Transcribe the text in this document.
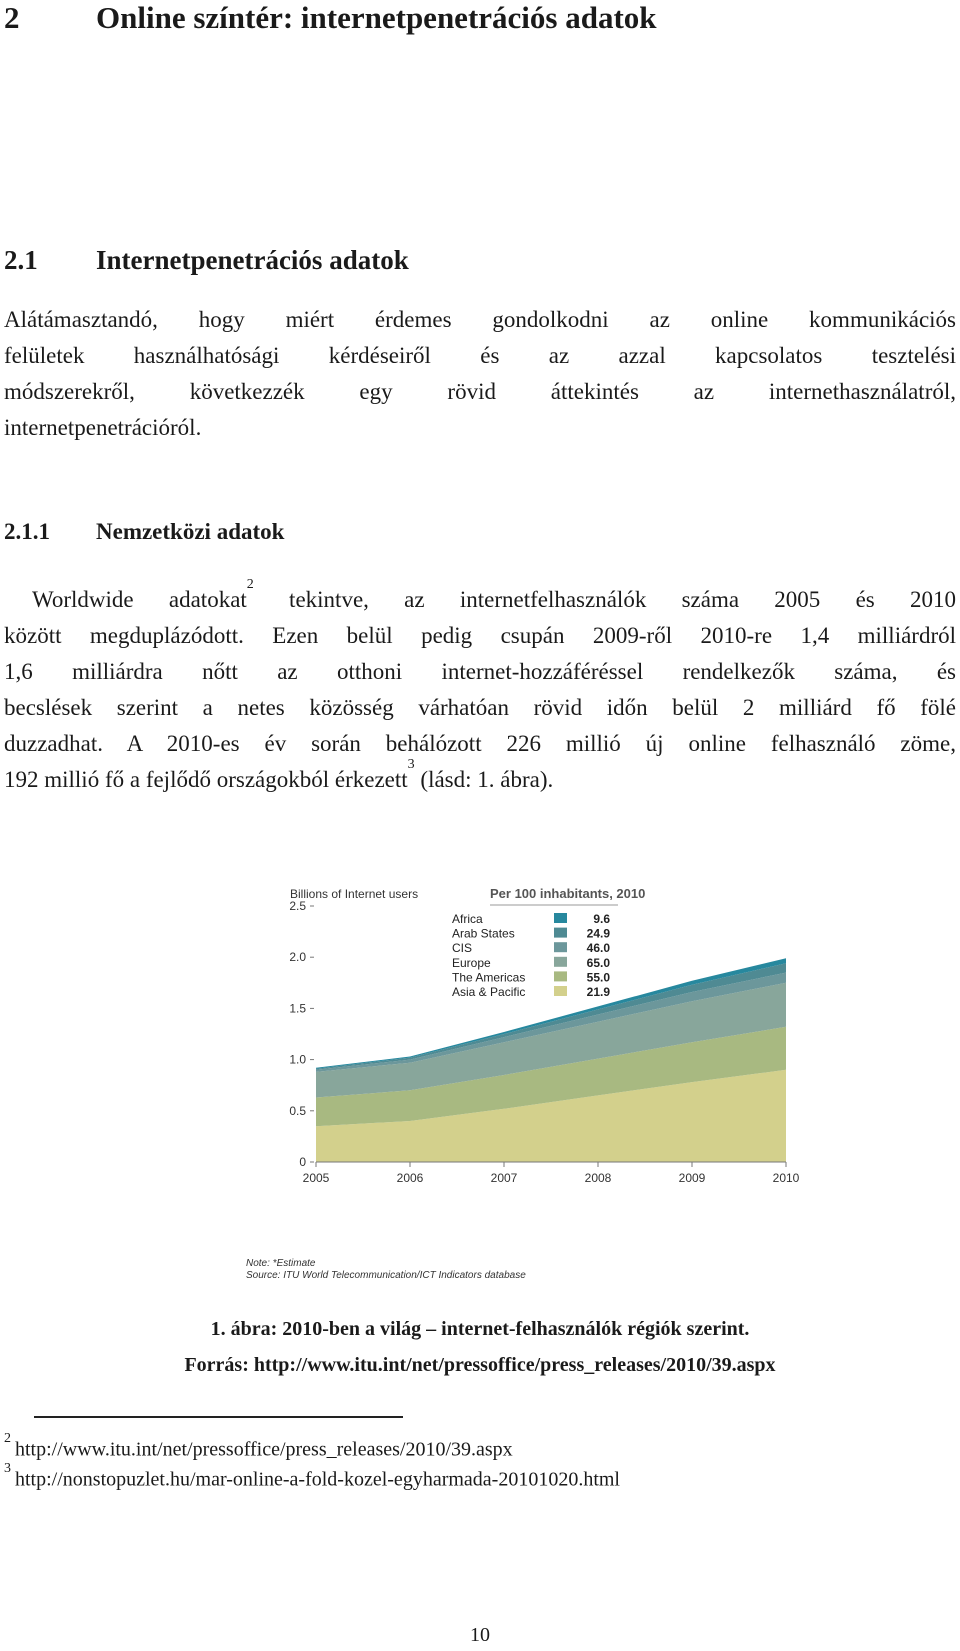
2 Online színtér: internetpenetrációs adatok
2.1 Internetpenetrációs adatok
Alátámasztandó, hogy miért érdemes gondolkodni az online kommunikációs
felületek használhatósági kérdéseiről és az azzal kapcsolatos tesztelési
módszerekről, következzék egy rövid áttekintés az internethasználatról,
internetpenetrációról.
2.1.1 Nemzetközi adatok
Worldwide adatokat$^2$ tekintve, az internetfelhasználók száma 2005 és 2010
között megduplázódott. Ezen belül pedig csupán 2009-ről 2010-re 1,4 milliárdról
1,6 milliárdra nőtt az otthoni internet-hozzáféréssel rendelkezők száma, és
becslések szerint a netes közösség várhatóan rövid időn belül 2 milliárd fő fölé
duzzadhat. A 2010-es év során behálózott 226 millió új online felhasználó zöme,
192 millió fő a fejlődő országokból érkezett$^3$ (lásd: 1. ábra).
0
0.5
1.0
1.5
2.0
2.5
2005	2006	2007	2008	2009	2010
Billions of Internet users	Per 100 inhabitants, 2010
Africa	9.6
Arab States	24.9
CIS	46.0
Europe	65.0
The Americas	55.0
Asia & Pacific	21.9
Note: *Estimate
Source: ITU World Telecommunication/ICT Indicators database
1. ábra: 2010-ben a világ – internet-felhasználók régiók szerint.
Forrás: http://www.itu.int/net/pressoffice/press_releases/2010/39.aspx
$^2$http://www.itu.int/net/pressoffice/press_releases/2010/39.aspx
$^3$http://nonstopuzlet.hu/mar-online-a-fold-kozel-egyharmada-20101020.html
10
